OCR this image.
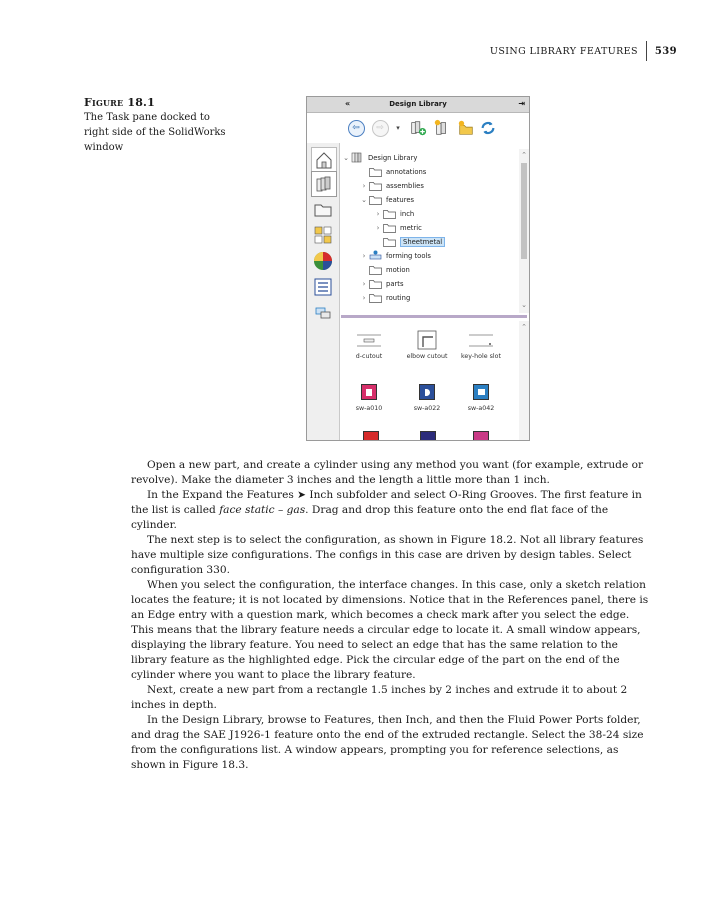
USING LIBRARY FEATURES	539
Figure 18.1
The Task pane docked to right side of the SolidWorks window
«	Design Library	⇥
⇦	⇨	▾
⌄	Design Library
annotations
›	assemblies
⌄	features
›	inch
›	metric
Sheetmetal
›	forming tools
motion
›	parts
›	routing
⌃
⌄
d-cutout	elbow cutout	key-hole slot
sw-a010	sw-a022	sw-a042
⌃

Open a new part, and create a cylinder using any method you want (for example, extrude or revolve). Make the diameter 3 inches and the length a little more than 1 inch.

In the Expand the Features ➤ Inch subfolder and select O-Ring Grooves. The first feature in the list is called face static – gas. Drag and drop this feature onto the end flat face of the cylinder.

The next step is to select the configuration, as shown in Figure 18.2. Not all library features have multiple size configurations. The configs in this case are driven by design tables. Select configuration 330.

When you select the configuration, the interface changes. In this case, only a sketch relation locates the feature; it is not located by dimensions. Notice that in the References panel, there is an Edge entry with a question mark, which becomes a check mark after you select the edge. This means that the library feature needs a circular edge to locate it. A small window appears, displaying the library feature. You need to select an edge that has the same relation to the library feature as the highlighted edge. Pick the circular edge of the part on the end of the cylinder where you want to place the library feature.

Next, create a new part from a rectangle 1.5 inches by 2 inches and extrude it to about 2 inches in depth.

In the Design Library, browse to Features, then Inch, and then the Fluid Power Ports folder, and drag the SAE J1926-1 feature onto the end of the extruded rectangle. Select the 38-24 size from the configurations list. A window appears, prompting you for reference selections, as shown in Figure 18.3.
